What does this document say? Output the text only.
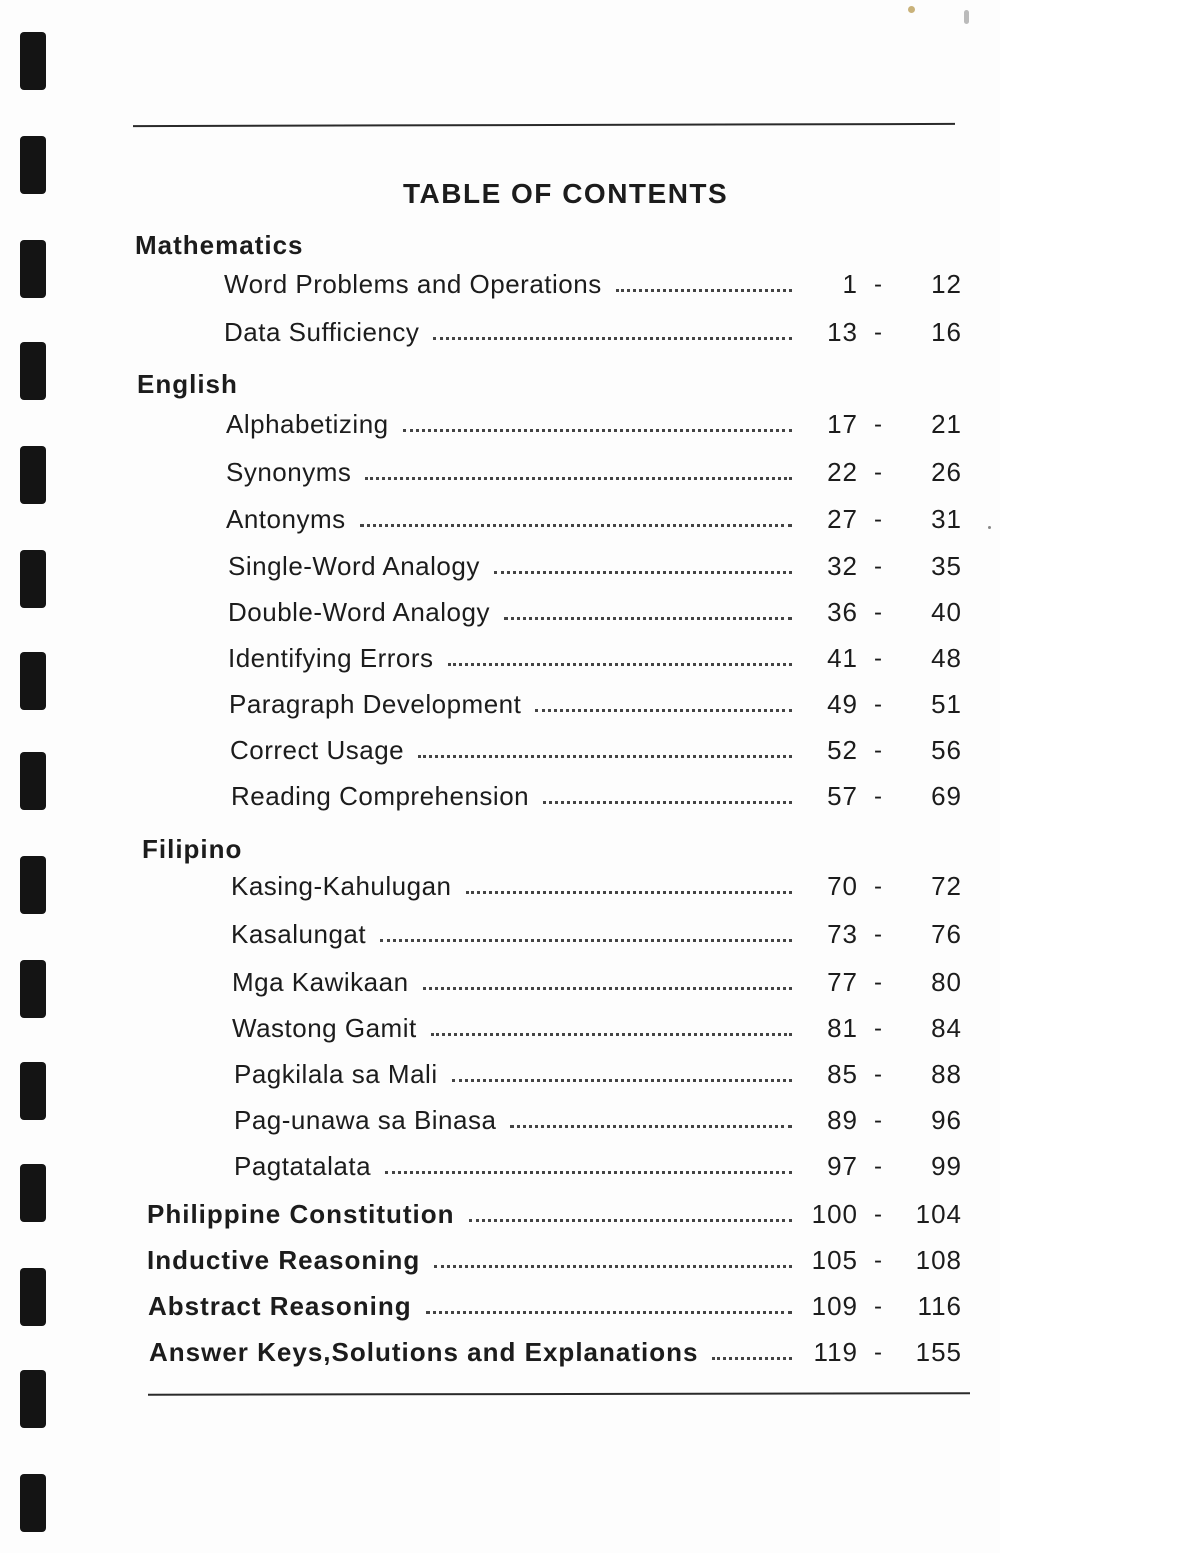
TABLE OF CONTENTS
Mathematics
Word Problems and Operations	1 -	12
Data Sufficiency	13 -	16
English
Alphabetizing	17 -	21
Synonyms	22 -	26
Antonyms	27 -	31
Single-Word Analogy	32 -	35
Double-Word Analogy	36 -	40
Identifying Errors	41 -	48
Paragraph Development	49 -	51
Correct Usage	52 -	56
Reading Comprehension	57 -	69
Filipino
Kasing-Kahulugan	70 -	72
Kasalungat	73 -	76
Mga Kawikaan	77 -	80
Wastong Gamit	81 -	84
Pagkilala sa Mali	85 -	88
Pag-unawa sa Binasa	89 -	96
Pagtatalata	97 -	99
Philippine Constitution	100 -	104
Inductive Reasoning	105 -	108
Abstract Reasoning	109 -	116
Answer Keys,Solutions and Explanations	119 -	155
